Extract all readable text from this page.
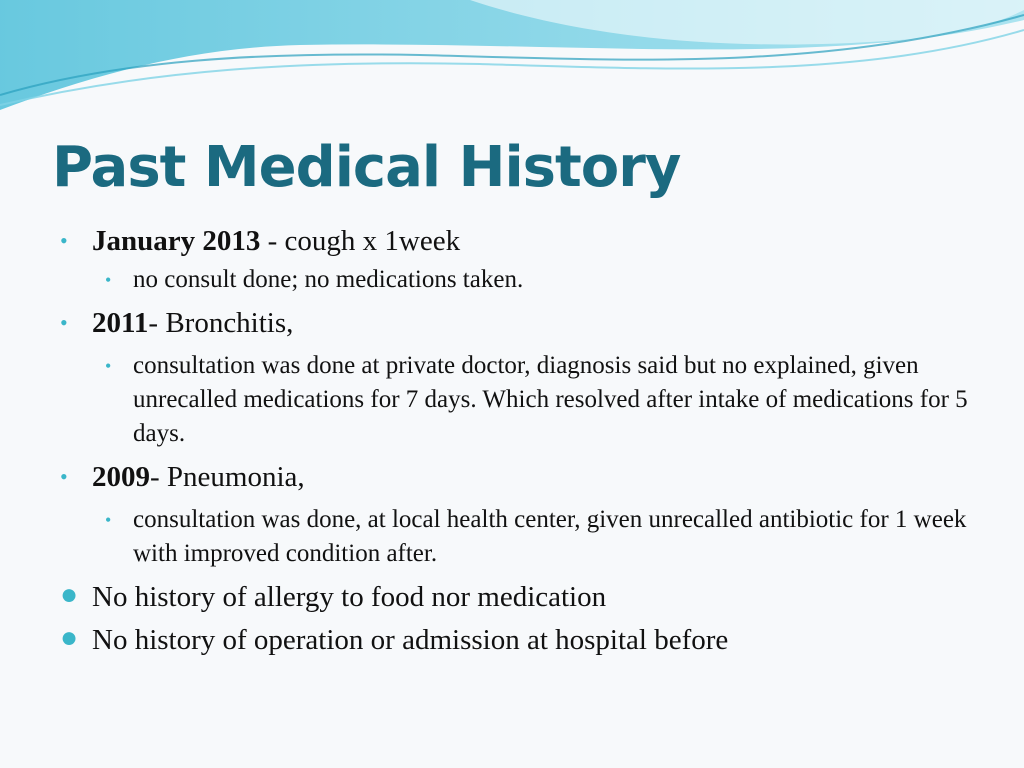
Past Medical History

• January 2013 - cough x 1week

• no consult done; no medications taken.

• 2011- Bronchitis,

• consultation was done at private doctor, diagnosis said but no explained, given unrecalled medications for 7 days. Which resolved after intake of medications for 5 days.

• 2009- Pneumonia,

• consultation was done, at local health center, given unrecalled antibiotic for 1 week with improved condition after.

● No history of allergy to food nor medication

● No history of operation or admission at hospital before
